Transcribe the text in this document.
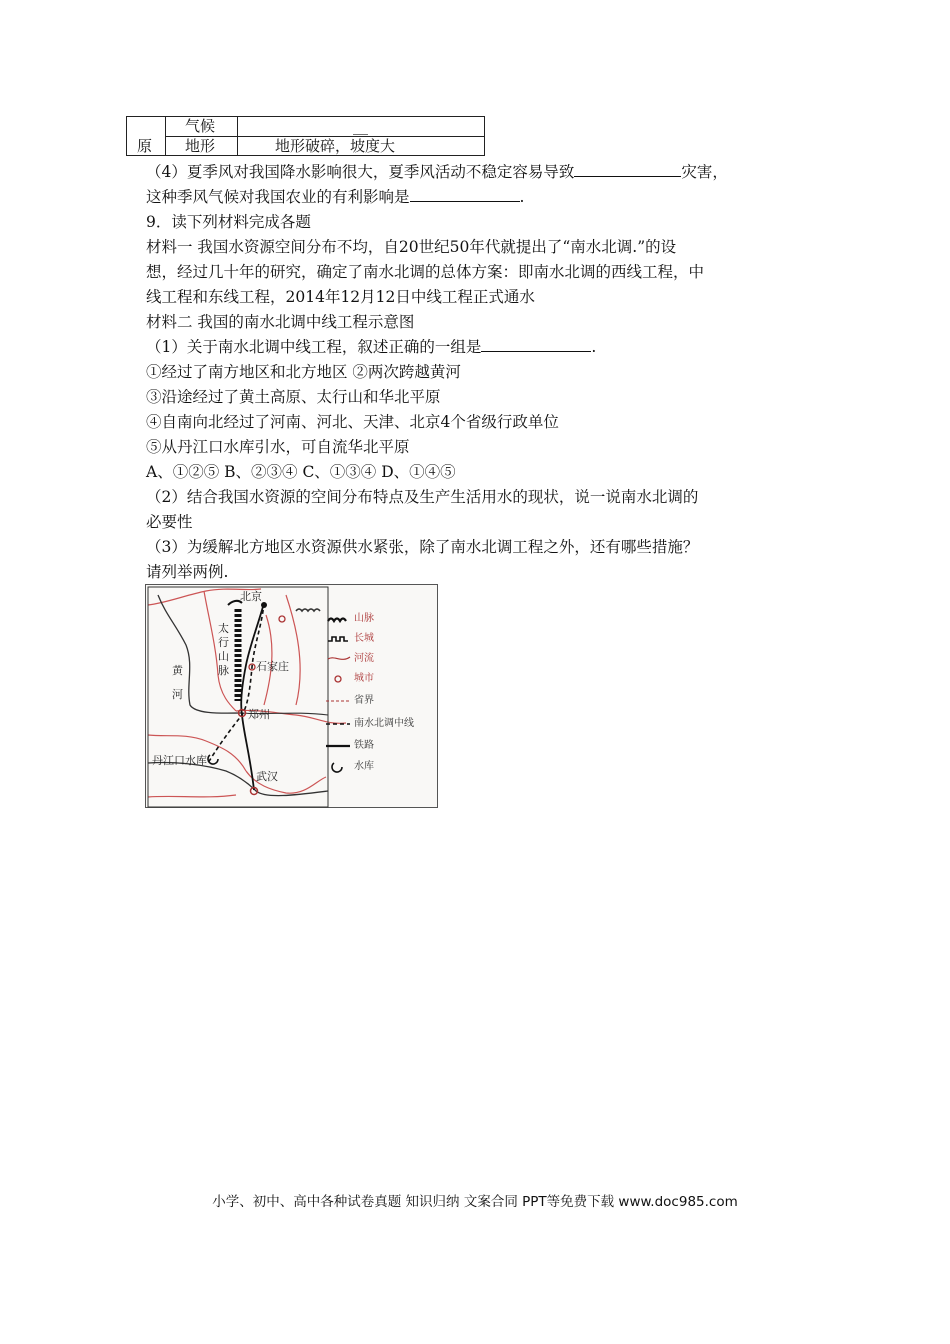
原
气候	__
地形	地形破碎，坡度大
（4）夏季风对我国降水影响很大，夏季风活动不稳定容易导致	灾害，
这种季风气候对我国农业的有利影响是	.
9．读下列材料完成各题
材料一 我国水资源空间分布不均，自20世纪50年代就提出了“南水北调.”的设
想，经过几十年的研究，确定了南水北调的总体方案：即南水北调的西线工程，中
线工程和东线工程，2014年12月12日中线工程正式通水
材料二 我国的南水北调中线工程示意图
（1）关于南水北调中线工程，叙述正确的一组是	.
①经过了南方地区和北方地区 ②两次跨越黄河
③沿途经过了黄土高原、太行山和华北平原
④自南向北经过了河南、河北、天津、北京4个省级行政单位
⑤从丹江口水库引水，可自流华北平原
A、①②⑤ B、②③④ C、①③④ D、①④⑤
（2）结合我国水资源的空间分布特点及生产生活用水的现状，说一说南水北调的
必要性
（3）为缓解北方地区水资源供水紧张，除了南水北调工程之外，还有哪些措施？
请列举两例.
北京
太
行
山
脉 石家庄
黄
河
郑州
丹江口水库
武汉
山脉
长城
河流
城市
省界
南水北调中线
铁路
水库
小学、初中、高中各种试卷真题 知识归纳 文案合同 PPT等免费下载 www.doc985.com
